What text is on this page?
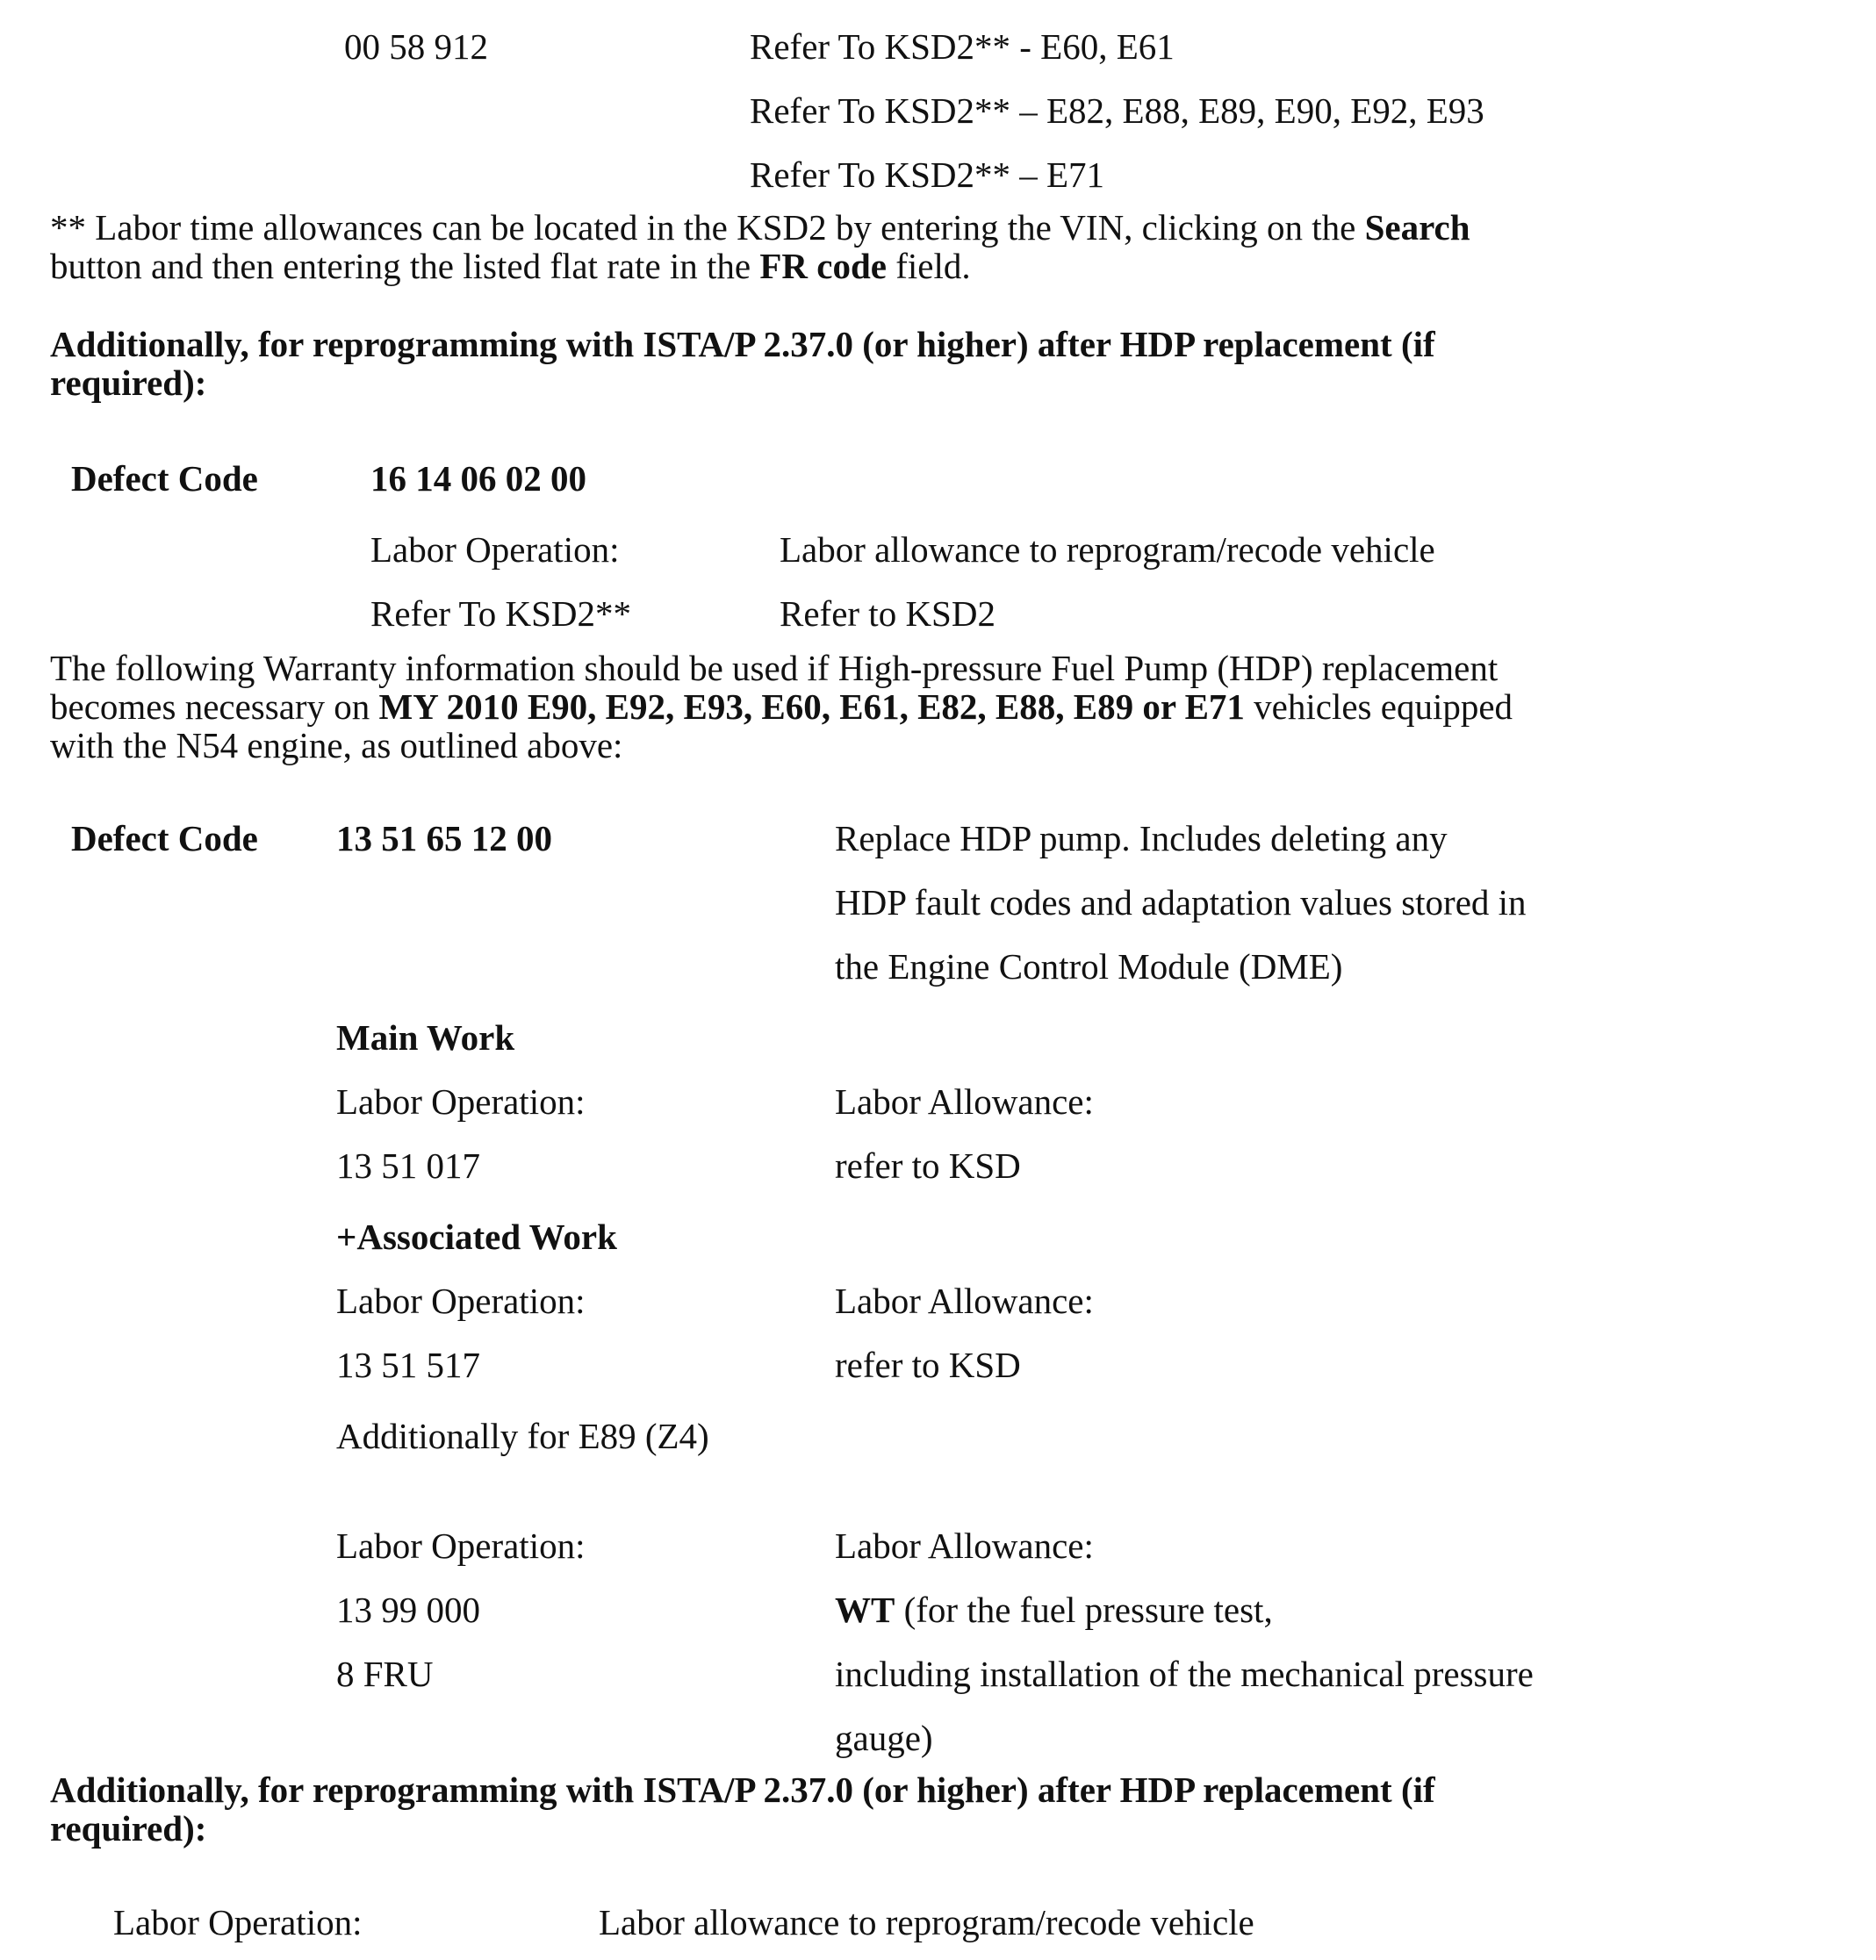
00 58 912	Refer To KSD2** - E60, E61
Refer To KSD2** – E82, E88, E89, E90, E92, E93
Refer To KSD2** – E71
** Labor time allowances can be located in the KSD2 by entering the VIN, clicking on the Search
button and then entering the listed flat rate in the FR code field.
Additionally, for reprogramming with ISTA/P 2.37.0 (or higher) after HDP replacement (if
required):
Defect Code	16 14 06 02 00
Labor Operation:	Labor allowance to reprogram/recode vehicle
Refer To KSD2**	Refer to KSD2
The following Warranty information should be used if High-pressure Fuel Pump (HDP) replacement
becomes necessary on MY 2010 E90, E92, E93, E60, E61, E82, E88, E89 or E71 vehicles equipped
with the N54 engine, as outlined above:
Defect Code 13 51 65 12 00	Replace HDP pump. Includes deleting any
HDP fault codes and adaptation values stored in
the Engine Control Module (DME)
Main Work
Labor Operation:	Labor Allowance:
13 51 017	refer to KSD
+Associated Work
Labor Operation:	Labor Allowance:
13 51 517	refer to KSD
Additionally for E89 (Z4)
Labor Operation:	Labor Allowance:
13 99 000	WT (for the fuel pressure test,
8 FRU	including installation of the mechanical pressure
gauge)
Additionally, for reprogramming with ISTA/P 2.37.0 (or higher) after HDP replacement (if
required):
Labor Operation:	Labor allowance to reprogram/recode vehicle
